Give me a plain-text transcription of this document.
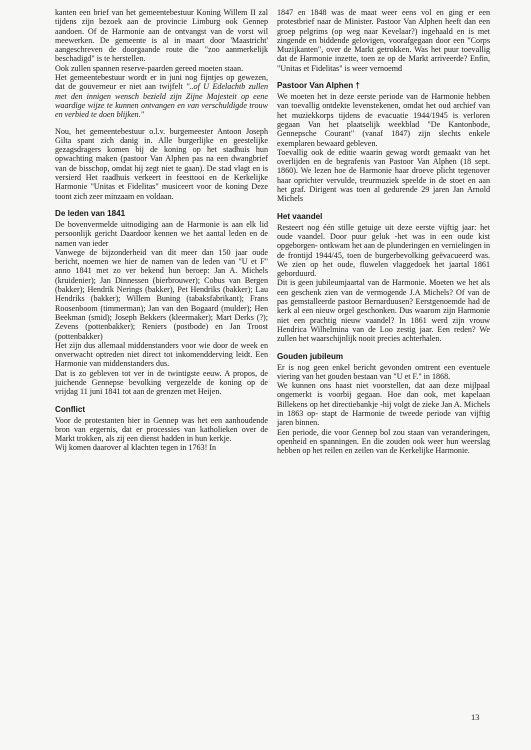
kanten een brief van het gemeentebestuur Koning Willem II zal tijdens zijn bezoek aan de provincie Limburg ook Gennep aandoen. Of de Harmonie aan de ontvangst van de vorst wil meewerken. De gemeente is al in maart door 'Maastricht' aangeschreven de doorgaande route die "zoo aanmerkelijk beschadigd" is te herstellen.

Ook zullen spannen reserve-paarden gereed moeten staan.

Het gemeentebestuur wordt er in juni nog fijntjes op gewezen, dat de gouverneur er niet aan twijfelt "..of U Edelachtb zullen met den innigen wensch bezield zijn Zijne Majesteit op eene waardige wijze te kunnen ontvangen en van verschuldigde trouw en verbied te doen blijken."

Nou, het gemeentebestuur o.l.v. burgemeester Antoon Joseph Gilta spant zich danig in. Alle burgerlijke en geestelijke gezagsdragers komen bij de koning op het stadhuis hun opwachting maken (pastoor Van Alphen pas na een dwangbrief van de bisschop, omdat hij zegt niet te gaan). De stad vlagt en is versierd Het raadhuis verkeert in feesttooi en de Kerkelijke Harmonie "Unitas et Fidelitas" musiceert voor de koning Deze toont zich zeer minzaam en voldaan.

De leden van 1841

De bovenvermelde uitnodiging aan de Harmonie is aan elk lid persoonlijk gericht Daardoor kennen we het aantal leden en de namen van ieder

Vanwege de bijzonderheid van dit meer dan 150 jaar oude bericht, noemen we hier de namen van de leden van "U et F" anno 1841 met zo ver bekend hun beroep: Jan A. Michels (kruidenier); Jan Dinnessen (bierbrouwer); Cobus van Bergen (bakker); Hendrik Nerings (bakker), Pet Hendriks (bakker); Lau Hendriks (bakker); Willem Buning (tabaksfabrikant); Frans Roosenboom (timmerman); Jan van den Bogaard (mulder); Hen Beekman (smid); Joseph Bekkers (kleermaker); Mart Derks (?); Zevens (pottenbakker); Reniers (postbode) en Jan Troost (pottenbakker)

Het zijn dus allemaal middenstanders voor wie door de week en onverwacht optreden niet direct tot inkomendderving leidt. Een Harmonie van middenstanders dus.

Dat is zo gebleven tot ver in de twintigste eeuw. A propos, de juichende Gennepse bevolking vergezelde de koning op de vrijdag 11 juni 1841 tot aan de grenzen met Heijen.

Conflict

Voor de protestanten hier in Gennep was het een aanhoudende bron van ergernis, dat er processies van katholieken over de Markt trokken, als zij een dienst hadden in hun kerkje.

Wij komen daarover al klachten tegen in 1763! In

1847 en 1848 was de maat weer eens vol en ging er een protestbrief naar de Minister. Pastoor Van Alphen heeft dan een groep pelgrims (op weg naar Kevelaar?) ingehaald en is met zingende en biddende gelovigen, voorafgegaan door een "Corps Muzijkanten", over de Markt getrokken. Was het puur toevallig dat de Harmonie inzette, toen ze op de Markt arriveerde? Enfin, "Unitas et Fidelitas" is weer vernoemd

Pastoor Van Alphen †

We moeten het in deze eerste periode van de Harmonie hebben van toevallig ontdekte levenstekenen, omdat het oud archief van het muziekkorps tijdens de evacuatie 1944/1945 is verloren gegaan Van het plaatselijk weekblad "De Kantonbode, Gennepsche Courant" (vanaf 1847) zijn slechts enkele exemplaren bewaard gebleven.

Toevallig ook de editie waarin gewag wordt gemaakt van het overlijden en de begrafenis van Pastoor Van Alphen (18 sept. 1860). We lezen hoe de Harmonie haar droeve plicht tegenover haar oprichter vervulde, treurmuziek speelde in de stoet en aan het graf. Dirigent was toen al gedurende 29 jaren Jan Arnold Michels

Het vaandel

Resteert nog één stille getuige uit deze eerste vijftig jaar: het oude vaandel. Door puur geluk -het was in een oude kist opgeborgen- ontkwam het aan de plunderingen en vernielingen in de frontijd 1944/45, toen de burgerbevolking geëvacueerd was. We zien op het oude, fluwelen vlaggedoek het jaartal 1861 geborduurd.

Dit is geen jubileumjaartal van de Harmonie. Moeten we het als een geschenk zien van de vermogende J.A Michels? Of van de pas gemstalleerde pastoor Bernarduusen? Eerstgenoemde had de kerk al een nieuw orgel geschonken. Dus waarom zijn Harmonie niet een prachtig nieuw vaandel? In 1861 werd zijn vrouw Hendrica Wilhelmina van de Loo zestig jaar. Een reden? We zullen het waarschijnlijk nooit precies achterhalen.

Gouden jubileum

Er is nog geen enkel bericht gevonden omtrent een eventuele viering van het gouden bestaan van "U et F." in 1868.

We kunnen ons haast niet voorstellen, dat aan deze mijlpaal ongemerkt is voorbij gegaan. Hoe dan ook, met kapelaan Billekens op het directiebankje -hij volgt de zieke Jan A. Michels in 1863 op- stapt de Harmonie de tweede periode van vijftig jaren binnen.

Een periode, die voor Gennep bol zou staan van veranderingen, openheid en spanningen. En die zouden ook weer hun weerslag hebben op het reilen en zeilen van de Kerkelijke Harmonie.

13
